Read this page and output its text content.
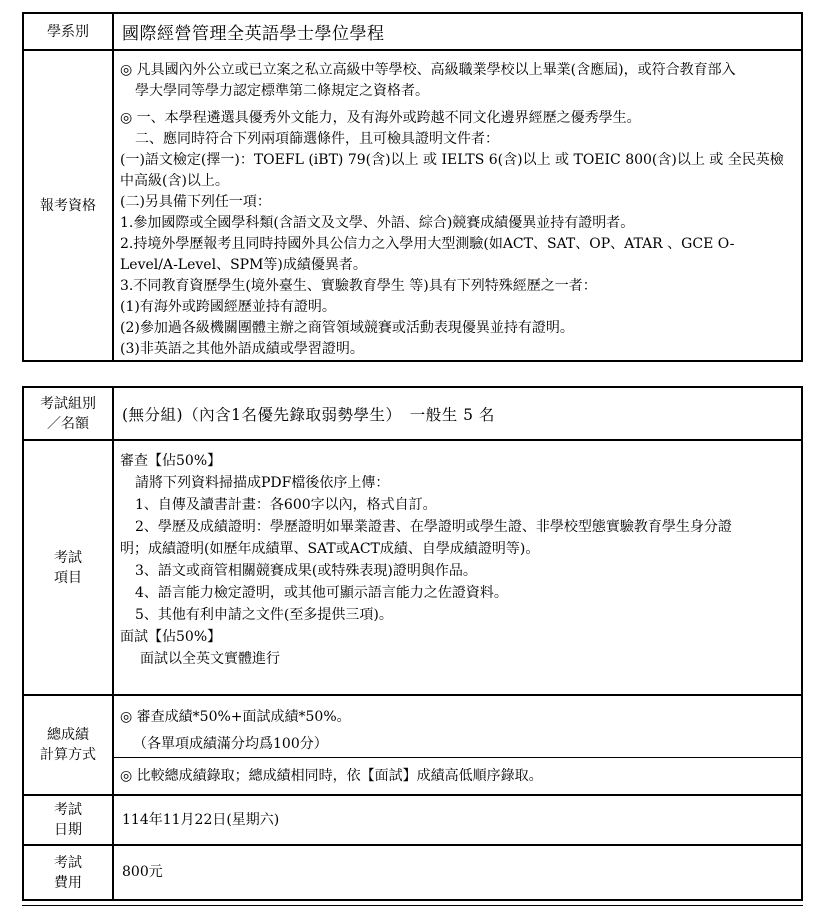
學系別 國際經營管理全英語學士學位學程
報考資格
◎ 凡具國內外公立或已立案之私立高級中等學校、高級職業學校以上畢業(含應屆)，或符合教育部入
學大學同等學力認定標準第二條規定之資格者。
◎ 一、本學程遴選具優秀外文能力，及有海外或跨越不同文化邊界經歷之優秀學生。
二、應同時符合下列兩項篩選條件，且可檢具證明文件者：
(一)語文檢定(擇一)：TOEFL (iBT) 79(含)以上 或 IELTS 6(含)以上 或 TOEIC 800(含)以上 或 全民英檢
中高級(含)以上。
(二)另具備下列任一項：
1.參加國際或全國學科類(含語文及文學、外語、綜合)競賽成績優異並持有證明者。
2.持境外學歷報考且同時持國外具公信力之入學用大型測驗(如ACT、SAT、OP、ATAR 、GCE O-
Level/A-Level、SPM等)成績優異者。
3.不同教育資歷學生(境外臺生、實驗教育學生 等)具有下列特殊經歷之一者：
(1)有海外或跨國經歷並持有證明。
(2)參加過各級機關團體主辦之商管領域競賽或活動表現優異並持有證明。
(3)非英語之其他外語成績或學習證明。
考試組別
／名額 (無分組)（內含1名優先錄取弱勢學生）　一般生 5 名
考試
項目
審查【佔50%】
請將下列資料掃描成PDF檔後依序上傳：
1、自傳及讀書計畫：各600字以內，格式自訂。
2、學歷及成績證明：學歷證明如畢業證書、在學證明或學生證、非學校型態實驗教育學生身分證
明；成績證明(如歷年成績單、SAT或ACT成績、自學成績證明等)。
3、語文或商管相關競賽成果(或特殊表現)證明與作品。
4、語言能力檢定證明，或其他可顯示語言能力之佐證資料。
5、其他有利申請之文件(至多提供三項)。
面試【佔50%】
面試以全英文實體進行
總成績
計算方式
◎ 審查成績*50%+面試成績*50%。
（各單項成績滿分均爲100分）
◎ 比較總成績錄取；總成績相同時，依【面試】成績高低順序錄取。
考試
日期
114年11月22日(星期六)
考試
費用
800元
